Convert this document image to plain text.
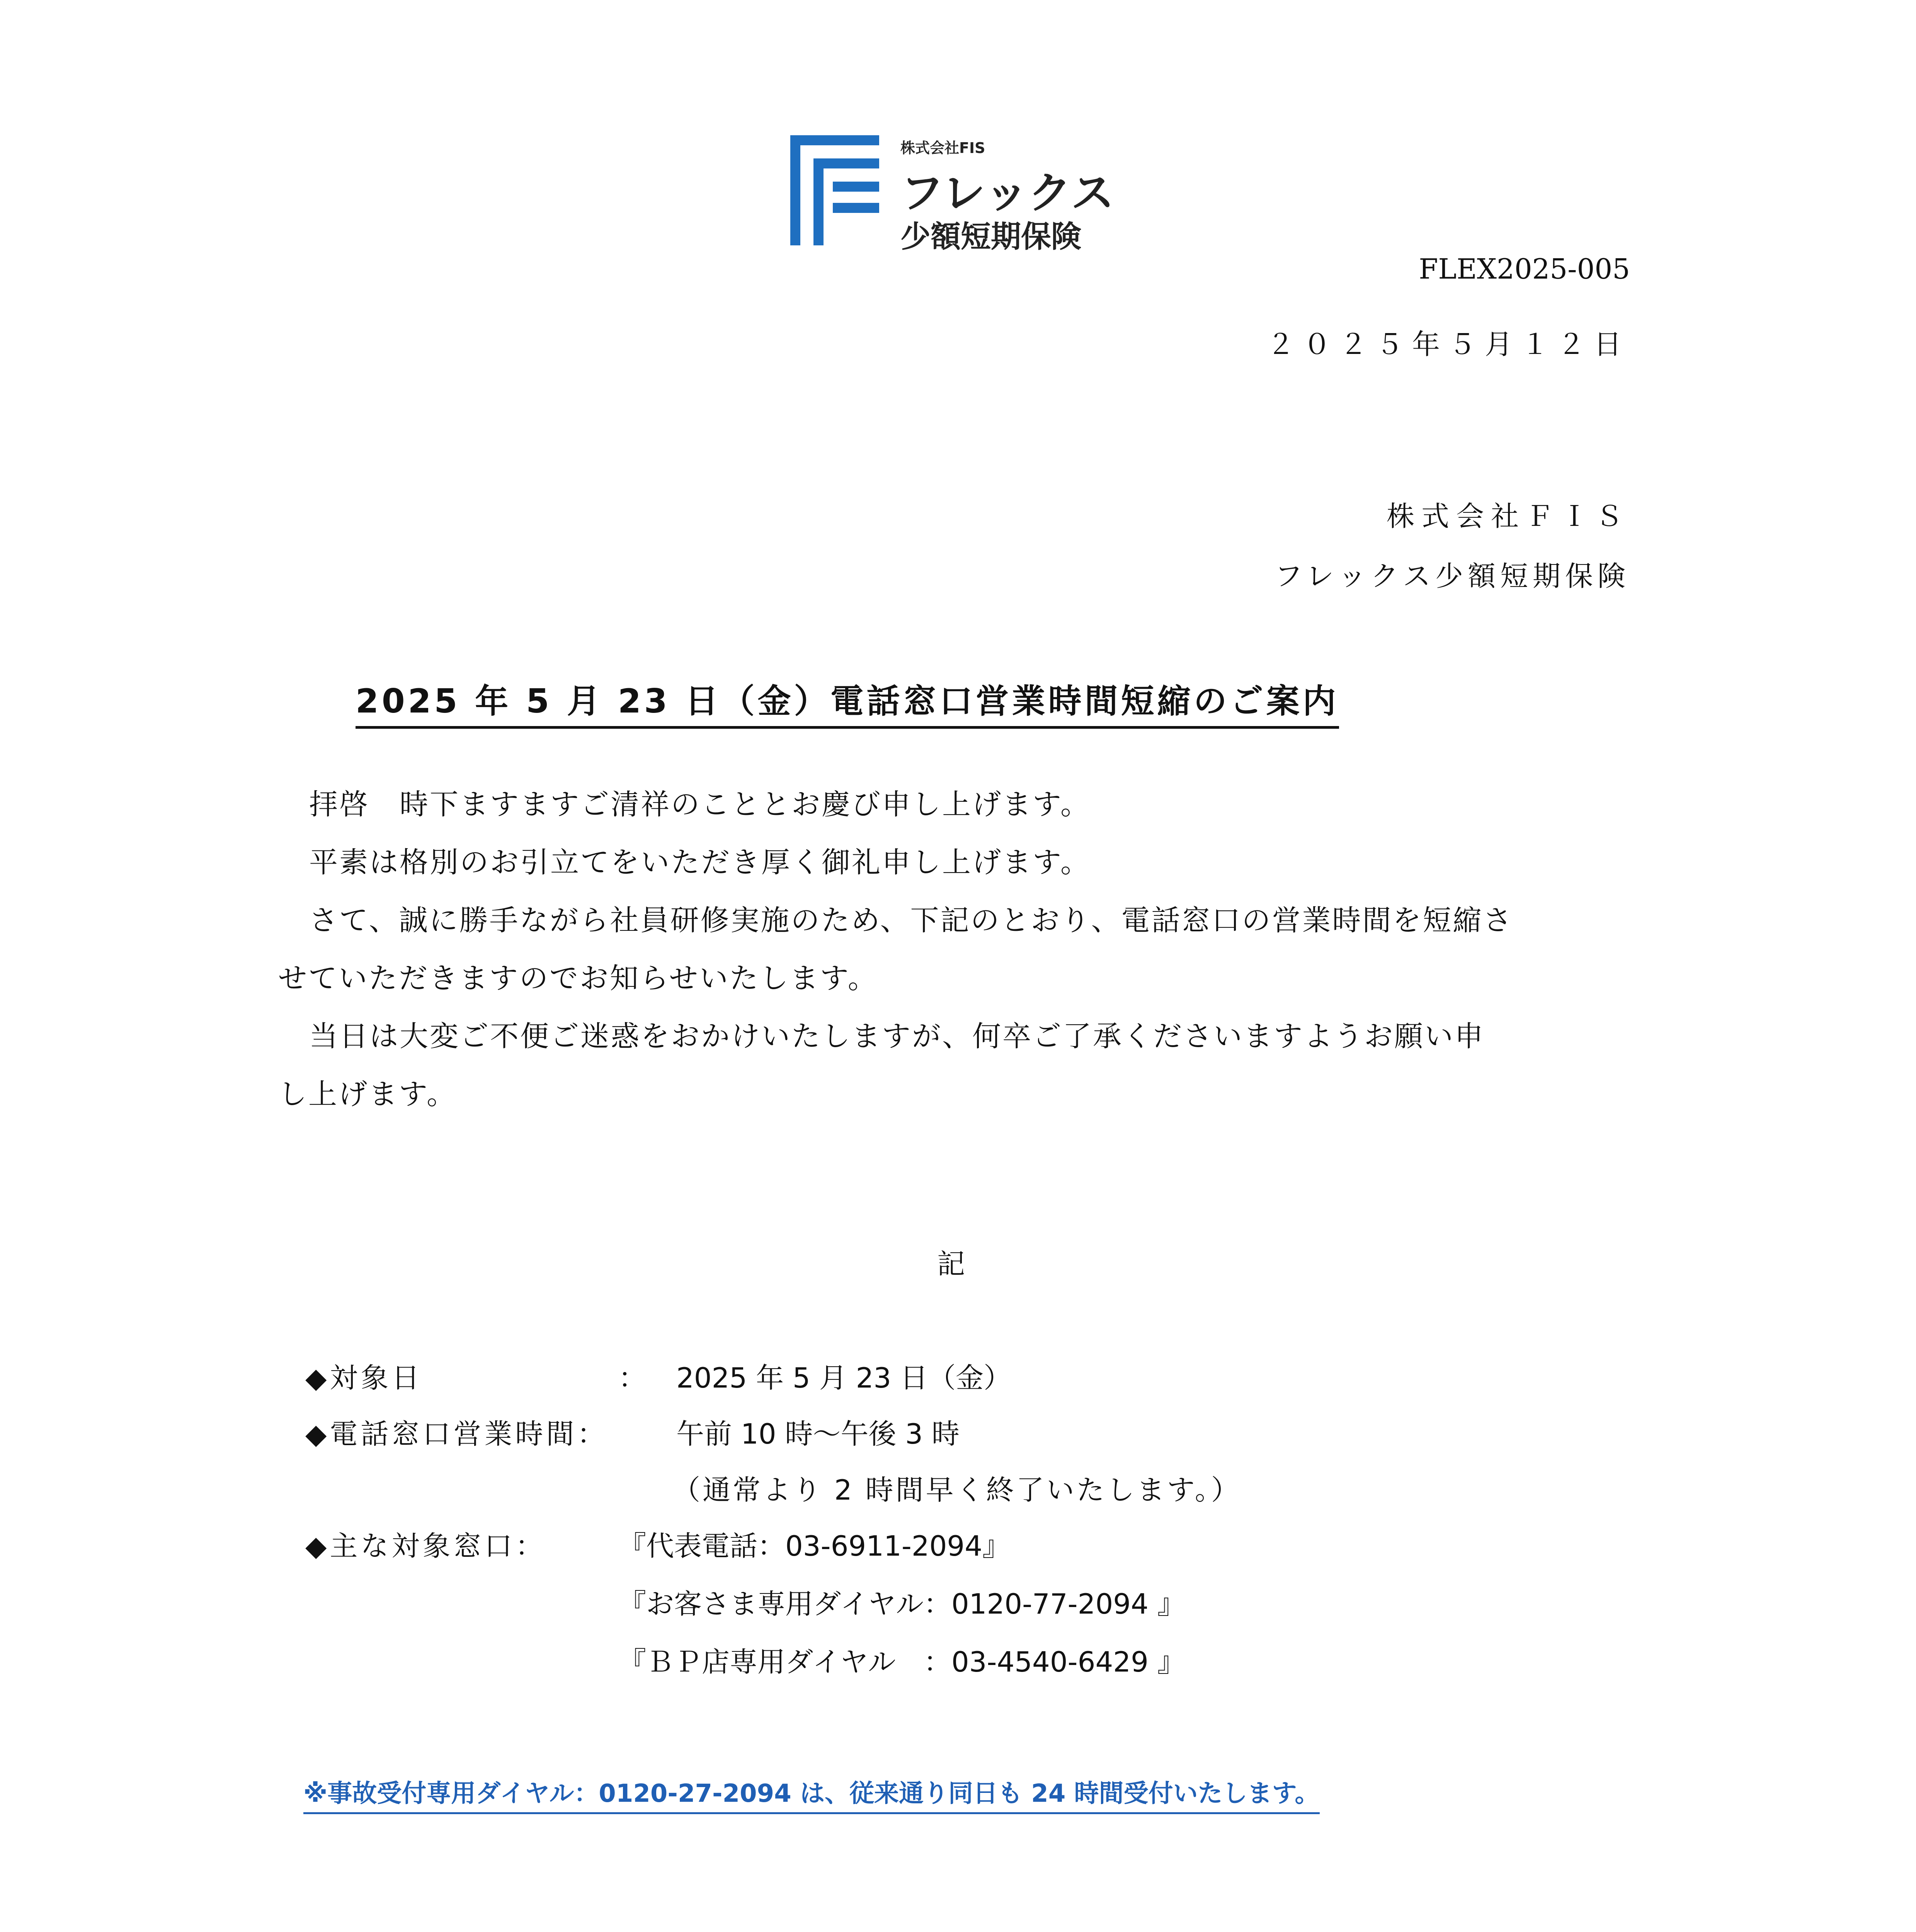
株式会社FIS
フレックス
少額短期保険
FLEX2025-005
２０２５年５月１２日
株式会社ＦＩＳ
フレックス少額短期保険
2025 年 5 月 23 日（金）電話窓口営業時間短縮のご案内
拝啓　時下ますますご清祥のこととお慶び申し上げます。
平素は格別のお引立てをいただき厚く御礼申し上げます。
さて、誠に勝手ながら社員研修実施のため、下記のとおり、電話窓口の営業時間を短縮さ
せていただきますのでお知らせいたします。
当日は大変ご不便ご迷惑をおかけいたしますが、何卒ご了承くださいますようお願い申
し上げます。
記
◆対象日	： 2025 年 5 月 23 日（金）
◆電話窓口営業時間： 午前 10 時〜午後 3 時
（通常より 2 時間早く終了いたします。）
◆主な対象窓口：	『代表電話：03-6911-2094』
『お客さま専用ダイヤル：0120-77-2094 』
『ＢＰ店専用ダイヤル　：03-4540-6429 』
※事故受付専用ダイヤル：0120-27-2094 は、従来通り同日も 24 時間受付いたします。
